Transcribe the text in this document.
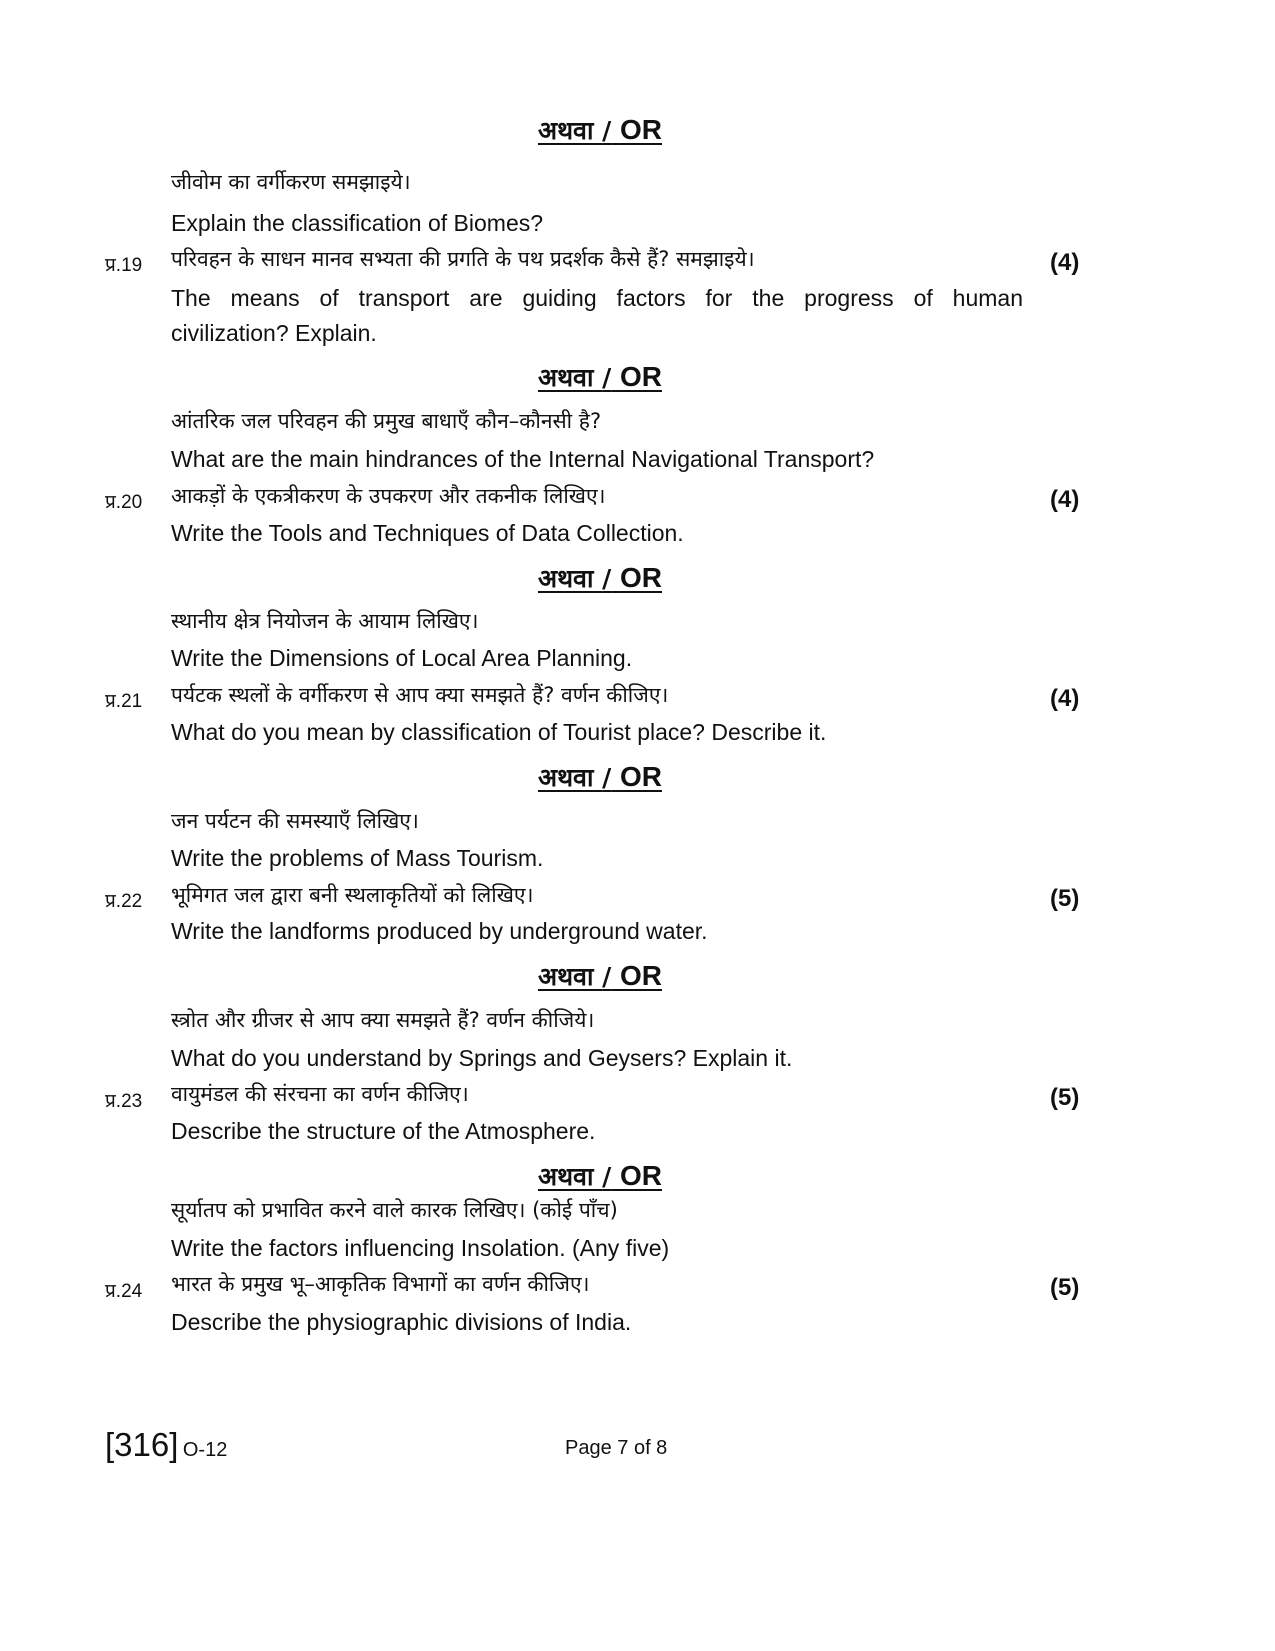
अथवा / OR
जीवोम का वर्गीकरण समझाइये।
Explain the classification of Biomes?
प्र.19 परिवहन के साधन मानव सभ्यता की प्रगति के पथ प्रदर्शक कैसे हैं? समझाइये।	(4)
The means of transport are guiding factors for the progress of human
civilization? Explain.
अथवा / OR
आंतरिक जल परिवहन की प्रमुख बाधाएँ कौन–कौनसी है?
What are the main hindrances of the Internal Navigational Transport?
प्र.20 आकड़ों के एकत्रीकरण के उपकरण और तकनीक लिखिए।	(4)
Write the Tools and Techniques of Data Collection.
अथवा / OR
स्थानीय क्षेत्र नियोजन के आयाम लिखिए।
Write the Dimensions of Local Area Planning.
प्र.21 पर्यटक स्थलों के वर्गीकरण से आप क्या समझते हैं? वर्णन कीजिए।	(4)
What do you mean by classification of Tourist place? Describe it.
अथवा / OR
जन पर्यटन की समस्याएँ लिखिए।
Write the problems of Mass Tourism.
प्र.22 भूमिगत जल द्वारा बनी स्थलाकृतियों को लिखिए।	(5)
Write the landforms produced by underground water.
अथवा / OR
स्त्रोत और ग्रीजर से आप क्या समझते हैं? वर्णन कीजिये।
What do you understand by Springs and Geysers? Explain it.
प्र.23 वायुमंडल की संरचना का वर्णन कीजिए।	(5)
Describe the structure of the Atmosphere.
अथवा / OR
सूर्यातप को प्रभावित करने वाले कारक लिखिए। (कोई पाँच)
Write the factors influencing Insolation. (Any five)
प्र.24 भारत के प्रमुख भू–आकृतिक विभागों का वर्णन कीजिए।	(5)
Describe the physiographic divisions of India.
[316] O-12	Page 7 of 8
